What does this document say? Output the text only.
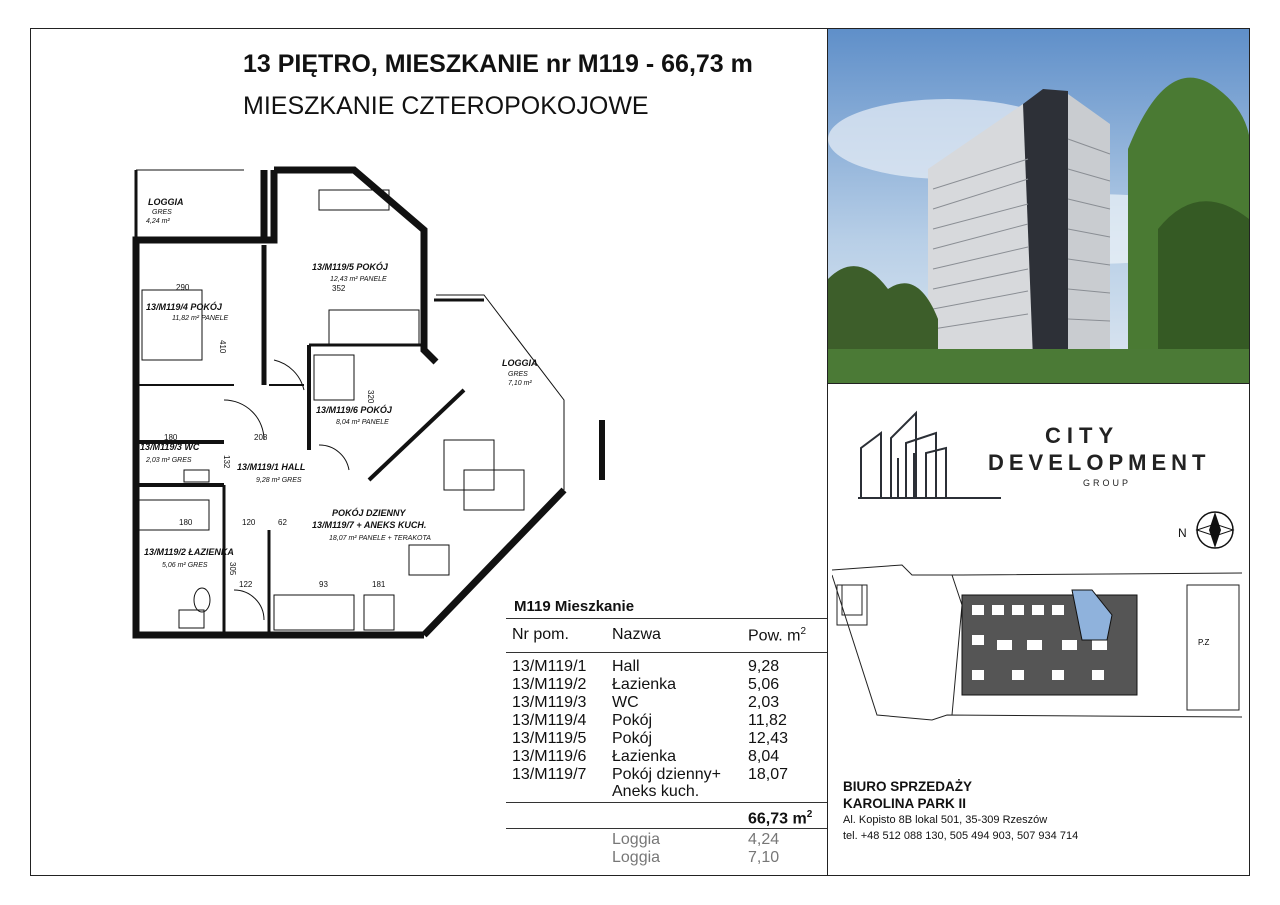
13 PIĘTRO, MIESZKANIE nr M119 - 66,73 m
MIESZKANIE CZTEROPOKOJOWE
LOGGIA
GRES
4,24 m²
13/M119/4 POKÓJ
11,82 m² PANELE
13/M119/5 POKÓJ
12,43 m² PANELE
13/M119/6 POKÓJ
8,04 m² PANELE
13/M119/3 WC
2,03 m² GRES
13/M119/1 HALL
9,28 m² GRES
13/M119/2 ŁAZIENKA
5,06 m² GRES
POKÓJ DZIENNY
13/M119/7 + ANEKS KUCH.
18,07 m² PANELE + TERAKOTA
LOGGIA
GRES
7,10 m²
290	352
410
180	208
120	62
180
122	181
305
320
93
132
CITY
DEVELOPMENT
GROUP
N
P.Z
M119 Mieszkanie
Nr pom.	Nazwa	Pow. $m^2$
13/M119/1 Hall	9,28
13/M119/2 Łazienka	5,06
13/M119/3 WC	2,03
13/M119/4 Pokój	11,82
13/M119/5 Pokój	12,43
13/M119/6 Łazienka	8,04
13/M119/7 Pokój dzienny+ 18,07
Aneks kuch.
66,73 $m^2$
Loggia	4,24
Loggia	7,10
BIURO SPRZEDAŻY
KAROLINA PARK II
Al. Kopisto 8B lokal 501, 35-309 Rzeszów
tel. +48 512 088 130, 505 494 903, 507 934 714
